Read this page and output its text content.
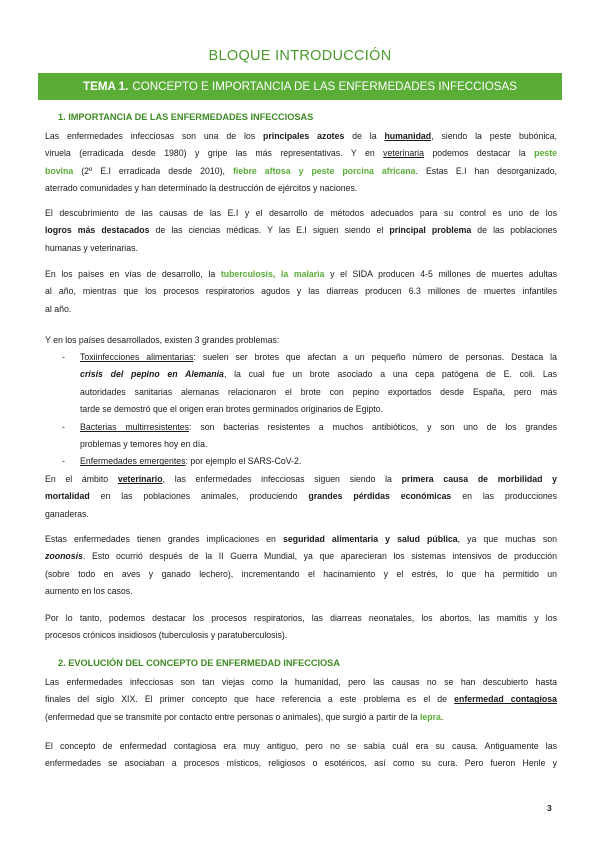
BLOQUE INTRODUCCIÓN
TEMA 1. CONCEPTO E IMPORTANCIA DE LAS ENFERMEDADES INFECCIOSAS
1. IMPORTANCIA DE LAS ENFERMEDADES INFECCIOSAS
Las enfermedades infecciosas son una de los principales azotes de la humanidad, siendo la peste bubónica,
viruela (erradicada desde 1980) y gripe las más representativas. Y en veterinaria podemos destacar la peste
bovina (2º E.I erradicada desde 2010), fiebre aftosa y peste porcina africana. Estas E.I han desorganizado,
aterrado comunidades y han determinado la destrucción de ejércitos y naciones.
El descubrimiento de las causas de las E.I y el desarrollo de métodos adecuados para su control es uno de los
logros más destacados de las ciencias médicas. Y las E.I siguen siendo el principal problema de las poblaciones
humanas y veterinarias.
En los países en vías de desarrollo, la tuberculosis, la malaria y el SIDA producen 4-5 millones de muertes adultas
al año, mientras que los procesos respiratorios agudos y las diarreas producen 6.3 millones de muertes infantiles
al año.
Y en los países desarrollados, existen 3 grandes problemas:
- Toxiinfecciones alimentarias: suelen ser brotes que afectan a un pequeño número de personas. Destaca la
crisis del pepino en Alemania, la cual fue un brote asociado a una cepa patógena de E. coli. Las
autoridades sanitarias alemanas relacionaron el brote con pepino exportados desde España, pero más
tarde se demostró que el origen eran brotes germinados originarios de Egipto.
- Bacterias multirresistentes: son bacterias resistentes a muchos antibióticos, y son uno de los grandes
problemas y temores hoy en día.
- Enfermedades emergentes: por ejemplo el SARS-CoV-2.
En el ámbito veterinario, las enfermedades infecciosas siguen siendo la primera causa de morbilidad y
mortalidad en las poblaciones animales, produciendo grandes pérdidas económicas en las producciones
ganaderas.
Estas enfermedades tienen grandes implicaciones en seguridad alimentaria y salud pública, ya que muchas son
zoonosis. Esto ocurrió después de la II Guerra Mundial, ya que aparecieran los sistemas intensivos de producción
(sobre todo en aves y ganado lechero), incrementando el hacinamiento y el estrés, lo que ha permitido un
aumento en los casos.
Por lo tanto, podemos destacar los procesos respiratorios, las diarreas neonatales, los abortos, las mamitis y los
procesos crónicos insidiosos (tuberculosis y paratuberculosis).
2. EVOLUCIÓN DEL CONCEPTO DE ENFERMEDAD INFECCIOSA
Las enfermedades infecciosas son tan viejas como la humanidad, pero las causas no se han descubierto hasta
finales del siglo XIX. El primer concepto que hace referencia a este problema es el de enfermedad contagiosa
(enfermedad que se transmite por contacto entre personas o animales), que surgió a partir de la lepra.
El concepto de enfermedad contagiosa era muy antiguo, pero no se sabía cuál era su causa. Antiguamente las
enfermedades se asociaban a procesos místicos, religiosos o esotéricos, así como su cura. Pero fueron Henle y
3
